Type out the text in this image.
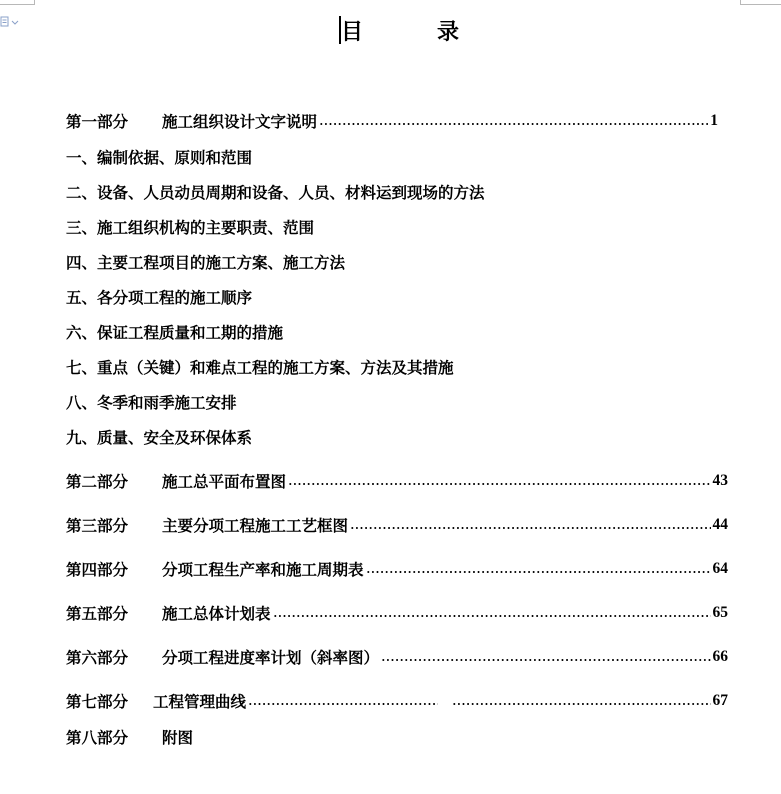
目	录
第一部分	施工组织设计文字说明	1
一、编制依据、原则和范围
二、设备、人员动员周期和设备、人员、材料运到现场的方法
三、施工组织机构的主要职责、范围
四、主要工程项目的施工方案、施工方法
五、各分项工程的施工顺序
六、保证工程质量和工期的措施
七、重点（关键）和难点工程的施工方案、方法及其措施
八、冬季和雨季施工安排
九、质量、安全及环保体系
第二部分	施工总平面布置图	43
第三部分	主要分项工程施工工艺框图	44
第四部分	分项工程生产率和施工周期表	64
第五部分	施工总体计划表	65
第六部分	分项工程进度率计划（斜率图）	66
第七部分	工程管理曲线	67
第八部分	附图
